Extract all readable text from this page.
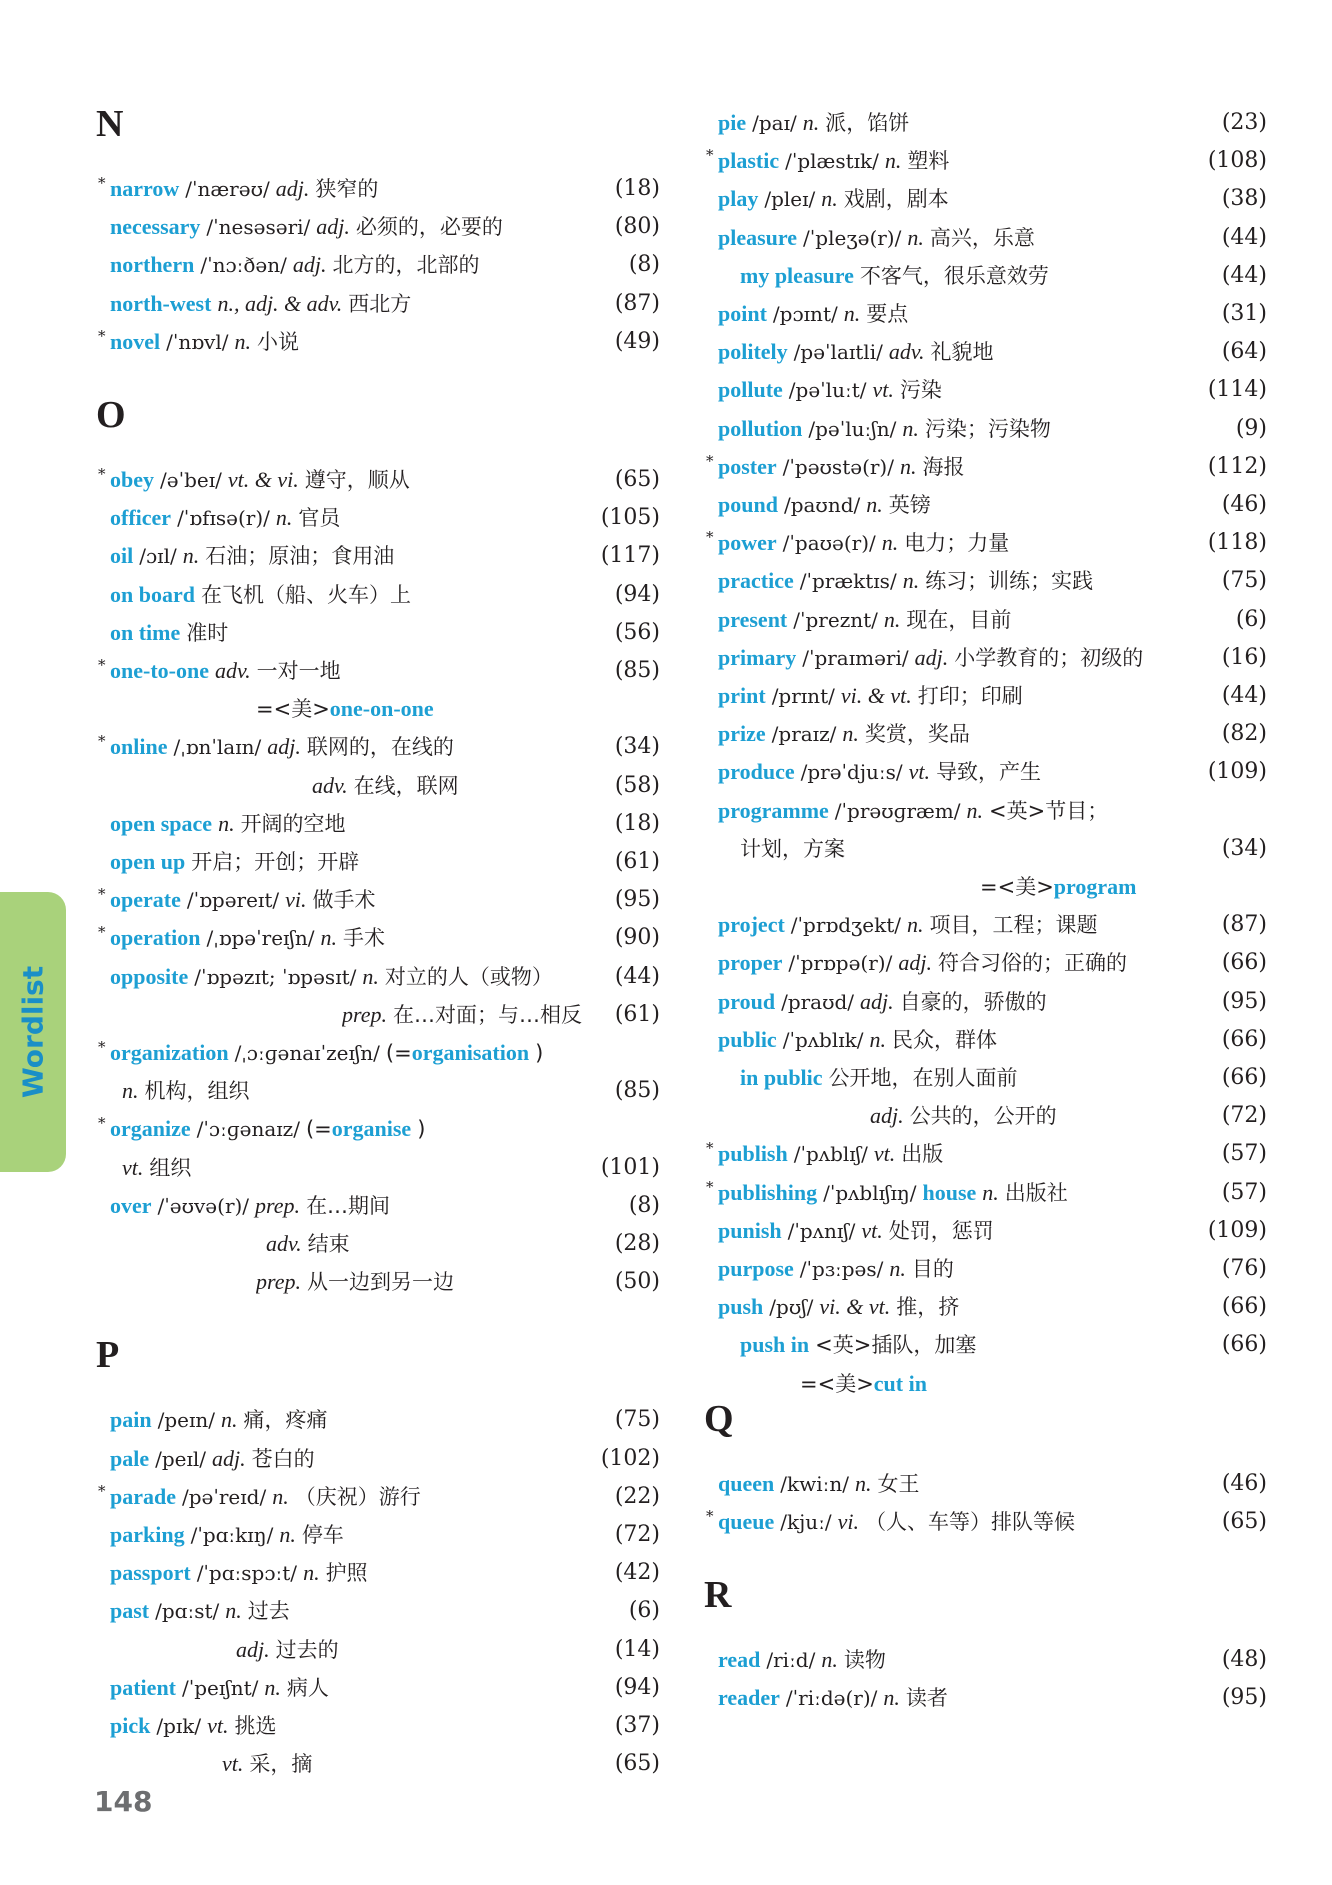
Wordlist
N
* narrow /ˈnærəʊ/ adj. 狭窄的	(18)
necessary /ˈnesəsəri/ adj. 必须的，必要的	(80)
northern /ˈnɔːðən/ adj. 北方的，北部的	(8)
north-west n., adj. & adv. 西北方	(87)
* novel /ˈnɒvl/ n. 小说	(49)
O
* obey /əˈbeɪ/ vt. & vi. 遵守，顺从	(65)
officer /ˈɒfɪsə(r)/ n. 官员	(105)
oil /ɔɪl/ n. 石油；原油；食用油	(117)
on board 在飞机（船、火车）上	(94)
on time 准时	(56)
* one-to-one adv. 一对一地	(85)
=<美>one-on-one
* online /ˌɒnˈlaɪn/ adj. 联网的，在线的	(34)
adv. 在线，联网	(58)
open space n. 开阔的空地	(18)
open up 开启；开创；开辟	(61)
* operate /ˈɒpəreɪt/ vi. 做手术	(95)
* operation /ˌɒpəˈreɪʃn/ n. 手术	(90)
opposite /ˈɒpəzɪt; ˈɒpəsɪt/ n. 对立的人（或物）	(44)
prep. 在…对面；与…相反	(61)
* organization /ˌɔːɡənaɪˈzeɪʃn/ (=organisation )
n. 机构，组织	(85)
* organize /ˈɔːɡənaɪz/ (=organise )
vt. 组织	(101)
over /ˈəʊvə(r)/ prep. 在…期间	(8)
adv. 结束	(28)
prep. 从一边到另一边	(50)
P
pain /peɪn/ n. 痛，疼痛	(75)
pale /peɪl/ adj. 苍白的	(102)
* parade /pəˈreɪd/ n. （庆祝）游行	(22)
parking /ˈpɑːkɪŋ/ n. 停车	(72)
passport /ˈpɑːspɔːt/ n. 护照	(42)
past /pɑːst/ n. 过去	(6)
adj. 过去的	(14)
patient /ˈpeɪʃnt/ n. 病人	(94)
pick /pɪk/ vt. 挑选	(37)
vt. 采，摘	(65)
pie /paɪ/ n. 派，馅饼	(23)
* plastic /ˈplæstɪk/ n. 塑料	(108)
play /pleɪ/ n. 戏剧，剧本	(38)
pleasure /ˈpleʒə(r)/ n. 高兴，乐意	(44)
my pleasure 不客气，很乐意效劳	(44)
point /pɔɪnt/ n. 要点	(31)
politely /pəˈlaɪtli/ adv. 礼貌地	(64)
pollute /pəˈluːt/ vt. 污染	(114)
pollution /pəˈluːʃn/ n. 污染；污染物	(9)
* poster /ˈpəʊstə(r)/ n. 海报	(112)
pound /paʊnd/ n. 英镑	(46)
* power /ˈpaʊə(r)/ n. 电力；力量	(118)
practice /ˈpræktɪs/ n. 练习；训练；实践	(75)
present /ˈpreznt/ n. 现在，目前	(6)
primary /ˈpraɪməri/ adj. 小学教育的；初级的	(16)
print /prɪnt/ vi. & vt. 打印；印刷	(44)
prize /praɪz/ n. 奖赏，奖品	(82)
produce /prəˈdjuːs/ vt. 导致，产生	(109)
programme /ˈprəʊɡræm/ n. <英>节目；
计划，方案	(34)
=<美>program
project /ˈprɒdʒekt/ n. 项目，工程；课题	(87)
proper /ˈprɒpə(r)/ adj. 符合习俗的；正确的	(66)
proud /praʊd/ adj. 自豪的，骄傲的	(95)
public /ˈpʌblɪk/ n. 民众，群体	(66)
in public 公开地，在别人面前	(66)
adj. 公共的，公开的	(72)
* publish /ˈpʌblɪʃ/ vt. 出版	(57)
* publishing /ˈpʌblɪʃɪŋ/ house n. 出版社	(57)
punish /ˈpʌnɪʃ/ vt. 处罚，惩罚	(109)
purpose /ˈpɜːpəs/ n. 目的	(76)
push /pʊʃ/ vi. & vt. 推，挤	(66)
push in <英>插队，加塞	(66)
=<美>cut in
Q
queen /kwiːn/ n. 女王	(46)
* queue /kjuː/ vi. （人、车等）排队等候	(65)
R
read /riːd/ n. 读物	(48)
reader /ˈriːdə(r)/ n. 读者	(95)
148
